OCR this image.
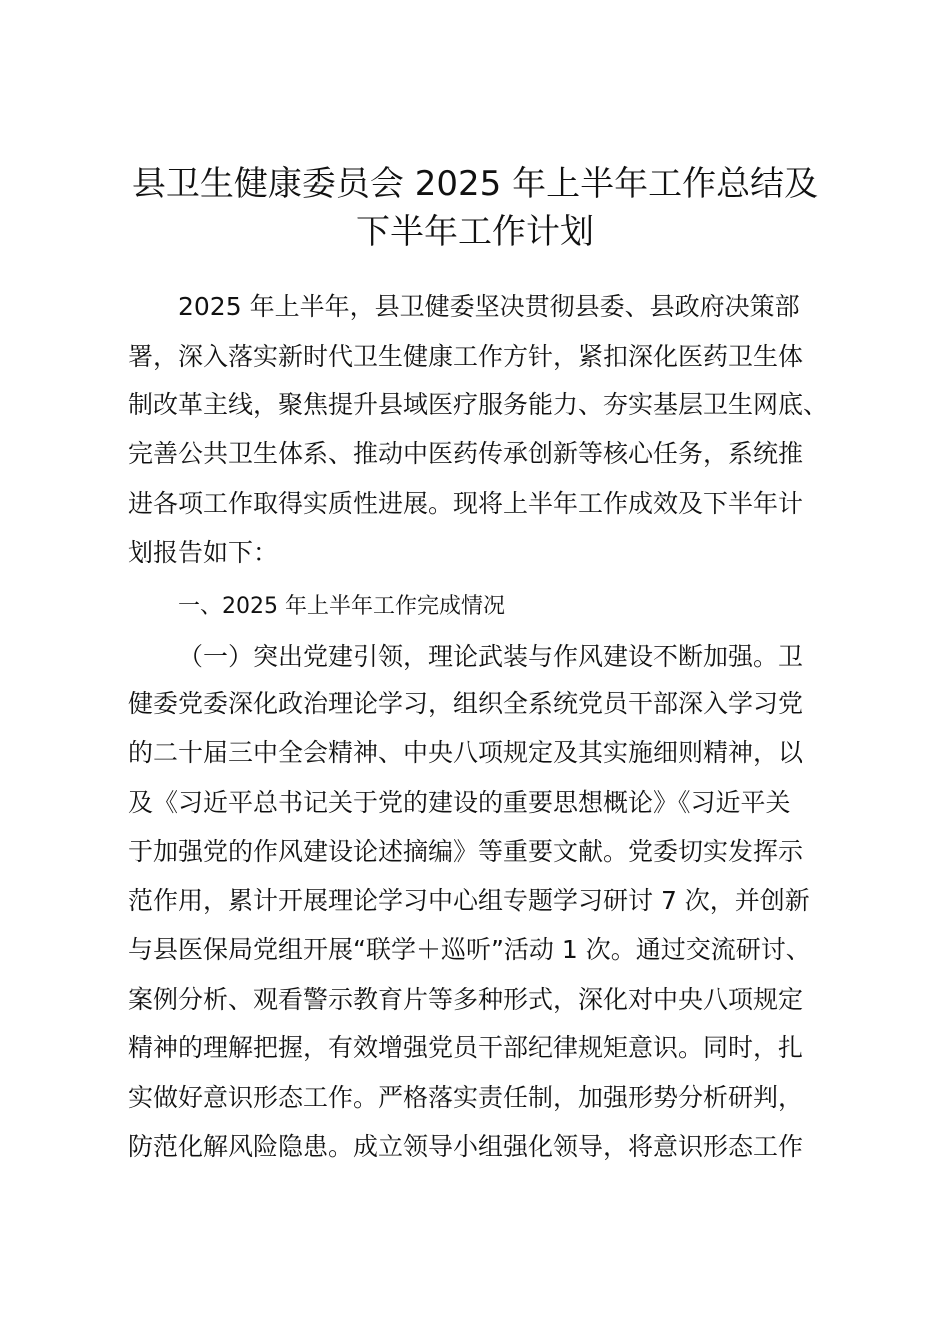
县卫生健康委员会 2025 年上半年工作总结及
下半年工作计划

2025 年上半年，县卫健委坚决贯彻县委、县政府决策部

署，深入落实新时代卫生健康工作方针，紧扣深化医药卫生体

制改革主线，聚焦提升县域医疗服务能力、夯实基层卫生网底、

完善公共卫生体系、推动中医药传承创新等核心任务，系统推

进各项工作取得实质性进展。现将上半年工作成效及下半年计

划报告如下：

一、2025 年上半年工作完成情况

（一）突出党建引领，理论武装与作风建设不断加强。卫

健委党委深化政治理论学习，组织全系统党员干部深入学习党

的二十届三中全会精神、中央八项规定及其实施细则精神，以

及《习近平总书记关于党的建设的重要思想概论》《习近平关

于加强党的作风建设论述摘编》等重要文献。党委切实发挥示

范作用，累计开展理论学习中心组专题学习研讨 7 次，并创新

与县医保局党组开展“联学＋巡听”活动 1 次。通过交流研讨、

案例分析、观看警示教育片等多种形式，深化对中央八项规定

精神的理解把握，有效增强党员干部纪律规矩意识。同时，扎

实做好意识形态工作。严格落实责任制，加强形势分析研判，

防范化解风险隐患。成立领导小组强化领导，将意识形态工作
